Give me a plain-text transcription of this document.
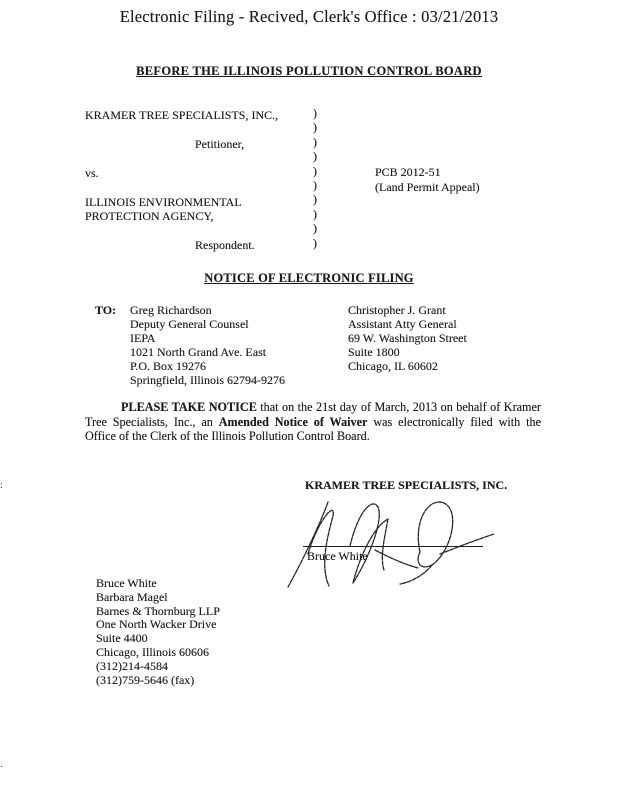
Electronic Filing - Recived, Clerk's Office : 03/21/2013
BEFORE THE ILLINOIS POLLUTION CONTROL BOARD
KRAMER TREE SPECIALISTS, INC.,
Petitioner,
vs.
ILLINOIS ENVIRONMENTAL
PROTECTION AGENCY,
Respondent.
)
)
)
)
)
)
)
)
)
)
PCB 2012-51
(Land Permit Appeal)
NOTICE OF ELECTRONIC FILING
TO: Greg Richardson
Deputy General Counsel
IEPA
1021 North Grand Ave. East
P.O. Box 19276
Springfield, Illinois 62794-9276
Christopher J. Grant
Assistant Atty General
69 W. Washington Street
Suite 1800
Chicago, IL 60602
PLEASE TAKE NOTICE that on the 21st day of March, 2013 on behalf of Kramer Tree Specialists, Inc., an Amended Notice of Waiver was electronically filed with the Office of the Clerk of the Illinois Pollution Control Board.
KRAMER TREE SPECIALISTS, INC.
Bruce White
Bruce White
Barbara Magel
Barnes & Thornburg LLP
One North Wacker Drive
Suite 4400
Chicago, Illinois 60606
(312)214-4584
(312)759-5646 (fax)
:
.
